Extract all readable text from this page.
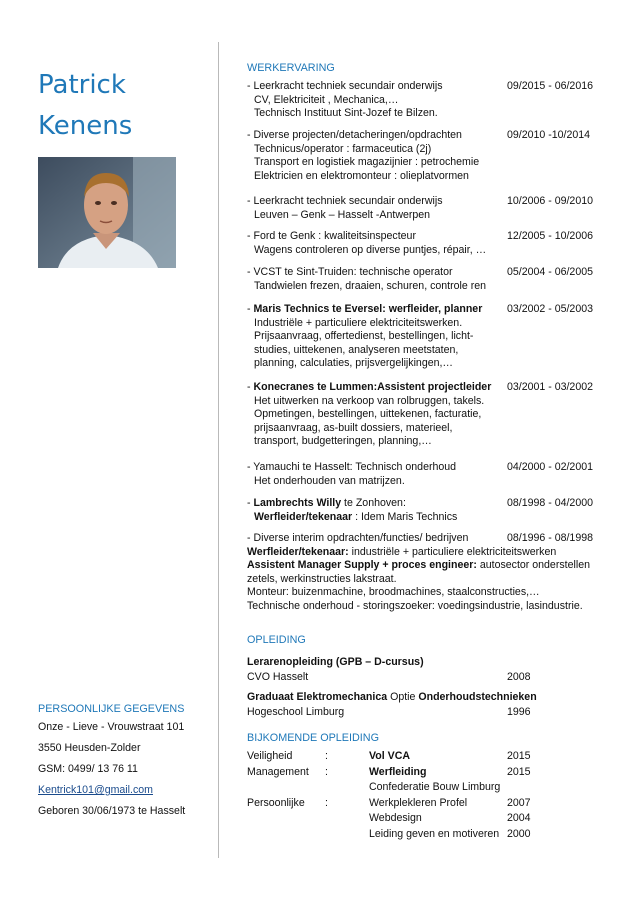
Patrick
Kenens
PERSOONLIJKE GEGEVENS
Onze - Lieve - Vrouwstraat 101
3550 Heusden-Zolder
GSM: 0499/ 13 76 11
Kentrick101@gmail.com
Geboren 30/06/1973 te Hasselt
WERKERVARING
09/2015 - 06/2016
- Leerkracht techniek secundair onderwijs
CV, Elektriciteit , Mechanica,…
Technisch Instituut Sint-Jozef te Bilzen.
09/2010 -10/2014
- Diverse projecten/detacheringen/opdrachten
Technicus/operator : farmaceutica (2j)
Transport en logistiek magazijnier : petrochemie
Elektricien en elektromonteur : olieplatvormen
10/2006 - 09/2010
- Leerkracht techniek secundair onderwijs
Leuven – Genk – Hasselt -Antwerpen
12/2005 - 10/2006
- Ford te Genk : kwaliteitsinspecteur
Wagens controleren op diverse puntjes, répair, …
05/2004 - 06/2005
- VCST te Sint-Truiden: technische operator
Tandwielen frezen, draaien, schuren, controle ren
03/2002 - 05/2003
- Maris Technics te Eversel: werfleider, planner
Industriële + particuliere elektriciteitswerken.
Prijsaanvraag, offertedienst, bestellingen, licht-
studies, uittekenen, analyseren meetstaten,
planning, calculaties, prijsvergelijkingen,…
03/2001 - 03/2002
- Konecranes te Lummen:Assistent projectleider
Het uitwerken na verkoop van rolbruggen, takels.
Opmetingen, bestellingen, uittekenen, facturatie,
prijsaanvraag, as-built dossiers, materieel,
transport, budgetteringen, planning,…
04/2000 - 02/2001
- Yamauchi te Hasselt: Technisch onderhoud
Het onderhouden van matrijzen.
08/1998 - 04/2000
- Lambrechts Willy te Zonhoven:
Werfleider/tekenaar : Idem Maris Technics
08/1996 - 08/1998
- Diverse interim opdrachten/functies/ bedrijven
Werfleider/tekenaar: industriële + particuliere elektriciteitswerken
Assistent Manager Supply + proces engineer: autosector onderstellen
zetels, werkinstructies lakstraat.
Monteur: buizenmachine, broodmachines, staalconstructies,…
Technische onderhoud - storingszoeker: voedingsindustrie, lasindustrie.
OPLEIDING
Lerarenopleiding (GPB – D-cursus)
CVO Hasselt	2008
Graduaat Elektromechanica Optie Onderhoudstechnieken
Hogeschool Limburg	1996
BIJKOMENDE OPLEIDING
Veiligheid	:	Vol VCA	2015
Management :	Werfleiding	2015
Confederatie Bouw Limburg
Persoonlijke :	Werkplekleren Profel	2007
Webdesign	2004
Leiding geven en motiveren 2000
